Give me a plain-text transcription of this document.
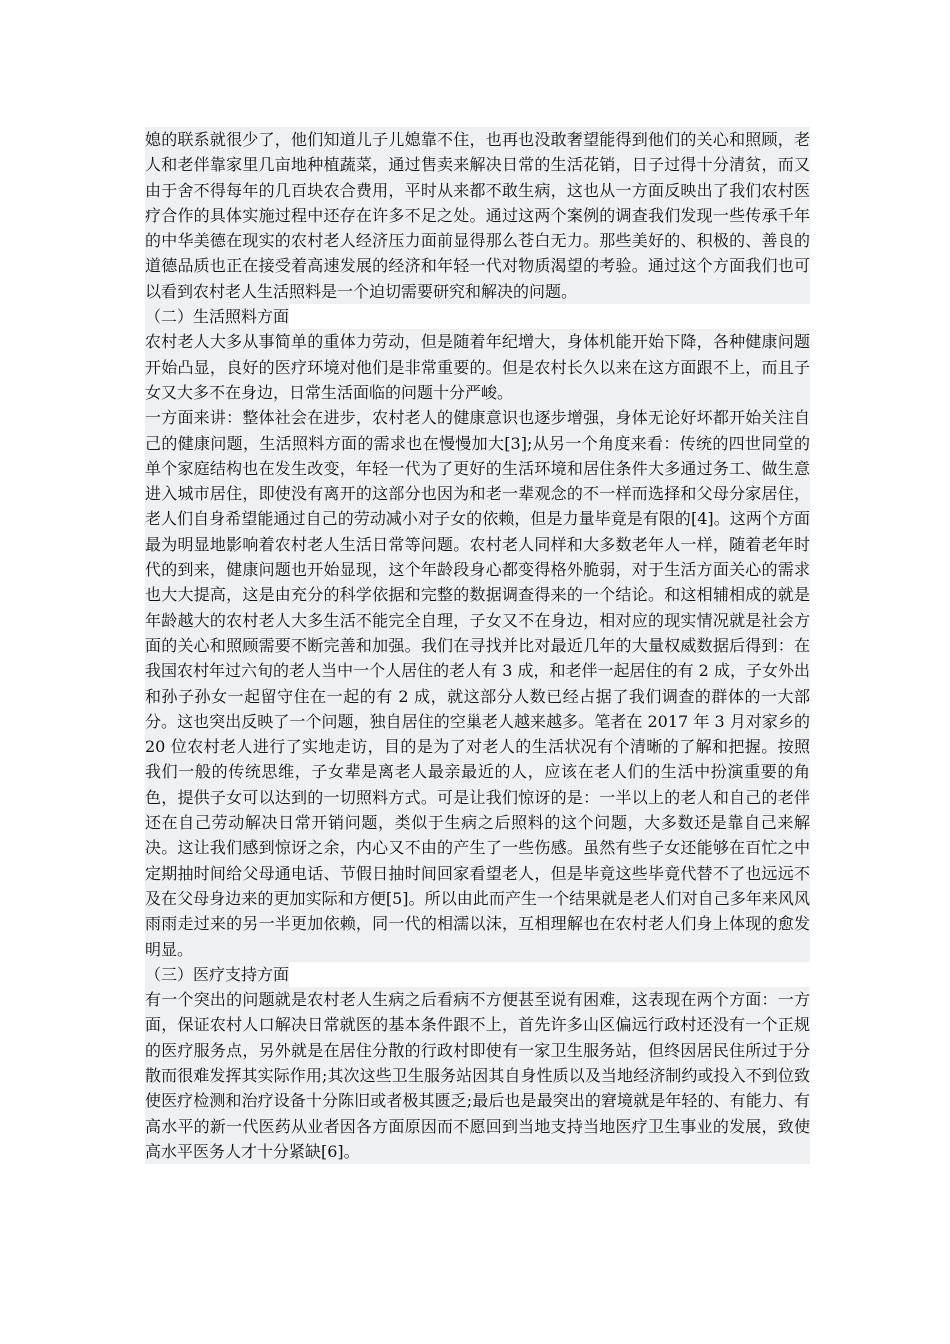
媳的联系就很少了，他们知道儿子儿媳靠不住，也再也没敢奢望能得到他们的关心和照顾，老人和老伴靠家里几亩地种植蔬菜，通过售卖来解决日常的生活花销，日子过得十分清贫，而又由于舍不得每年的几百块农合费用，平时从来都不敢生病，这也从一方面反映出了我们农村医疗合作的具体实施过程中还存在许多不足之处。通过这两个案例的调查我们发现一些传承千年的中华美德在现实的农村老人经济压力面前显得那么苍白无力。那些美好的、积极的、善良的道德品质也正在接受着高速发展的经济和年轻一代对物质渴望的考验。通过这个方面我们也可以看到农村老人生活照料是一个迫切需要研究和解决的问题。

（二）生活照料方面

农村老人大多从事简单的重体力劳动，但是随着年纪增大，身体机能开始下降，各种健康问题开始凸显，良好的医疗环境对他们是非常重要的。但是农村长久以来在这方面跟不上，而且子女又大多不在身边，日常生活面临的问题十分严峻。

一方面来讲：整体社会在进步，农村老人的健康意识也逐步增强，身体无论好坏都开始关注自己的健康问题，生活照料方面的需求也在慢慢加大[3];从另一个角度来看：传统的四世同堂的单个家庭结构也在发生改变，年轻一代为了更好的生活环境和居住条件大多通过务工、做生意进入城市居住，即使没有离开的这部分也因为和老一辈观念的不一样而选择和父母分家居住，老人们自身希望能通过自己的劳动减小对子女的依赖，但是力量毕竟是有限的[4]。这两个方面最为明显地影响着农村老人生活日常等问题。农村老人同样和大多数老年人一样，随着老年时代的到来，健康问题也开始显现，这个年龄段身心都变得格外脆弱，对于生活方面关心的需求也大大提高，这是由充分的科学依据和完整的数据调查得来的一个结论。和这相辅相成的就是年龄越大的农村老人大多生活不能完全自理，子女又不在身边，相对应的现实情况就是社会方面的关心和照顾需要不断完善和加强。我们在寻找并比对最近几年的大量权威数据后得到：在我国农村年过六旬的老人当中一个人居住的老人有 3 成，和老伴一起居住的有 2 成，子女外出和孙子孙女一起留守住在一起的有 2 成，就这部分人数已经占据了我们调查的群体的一大部分。这也突出反映了一个问题，独自居住的空巢老人越来越多。笔者在 2017 年 3 月对家乡的 20 位农村老人进行了实地走访，目的是为了对老人的生活状况有个清晰的了解和把握。按照我们一般的传统思维，子女辈是离老人最亲最近的人，应该在老人们的生活中扮演重要的角色，提供子女可以达到的一切照料方式。可是让我们惊讶的是：一半以上的老人和自己的老伴还在自己劳动解决日常开销问题，类似于生病之后照料的这个问题，大多数还是靠自己来解决。这让我们感到惊讶之余，内心又不由的产生了一些伤感。虽然有些子女还能够在百忙之中定期抽时间给父母通电话、节假日抽时间回家看望老人，但是毕竟这些毕竟代替不了也远远不及在父母身边来的更加实际和方便[5]。所以由此而产生一个结果就是老人们对自己多年来风风雨雨走过来的另一半更加依赖，同一代的相濡以沫，互相理解也在农村老人们身上体现的愈发明显。

（三）医疗支持方面

有一个突出的问题就是农村老人生病之后看病不方便甚至说有困难，这表现在两个方面：一方面，保证农村人口解决日常就医的基本条件跟不上，首先许多山区偏远行政村还没有一个正规的医疗服务点，另外就是在居住分散的行政村即使有一家卫生服务站，但终因居民住所过于分散而很难发挥其实际作用;其次这些卫生服务站因其自身性质以及当地经济制约或投入不到位致使医疗检测和治疗设备十分陈旧或者极其匮乏;最后也是最突出的窘境就是年轻的、有能力、有高水平的新一代医药从业者因各方面原因而不愿回到当地支持当地医疗卫生事业的发展，致使高水平医务人才十分紧缺[6]。
